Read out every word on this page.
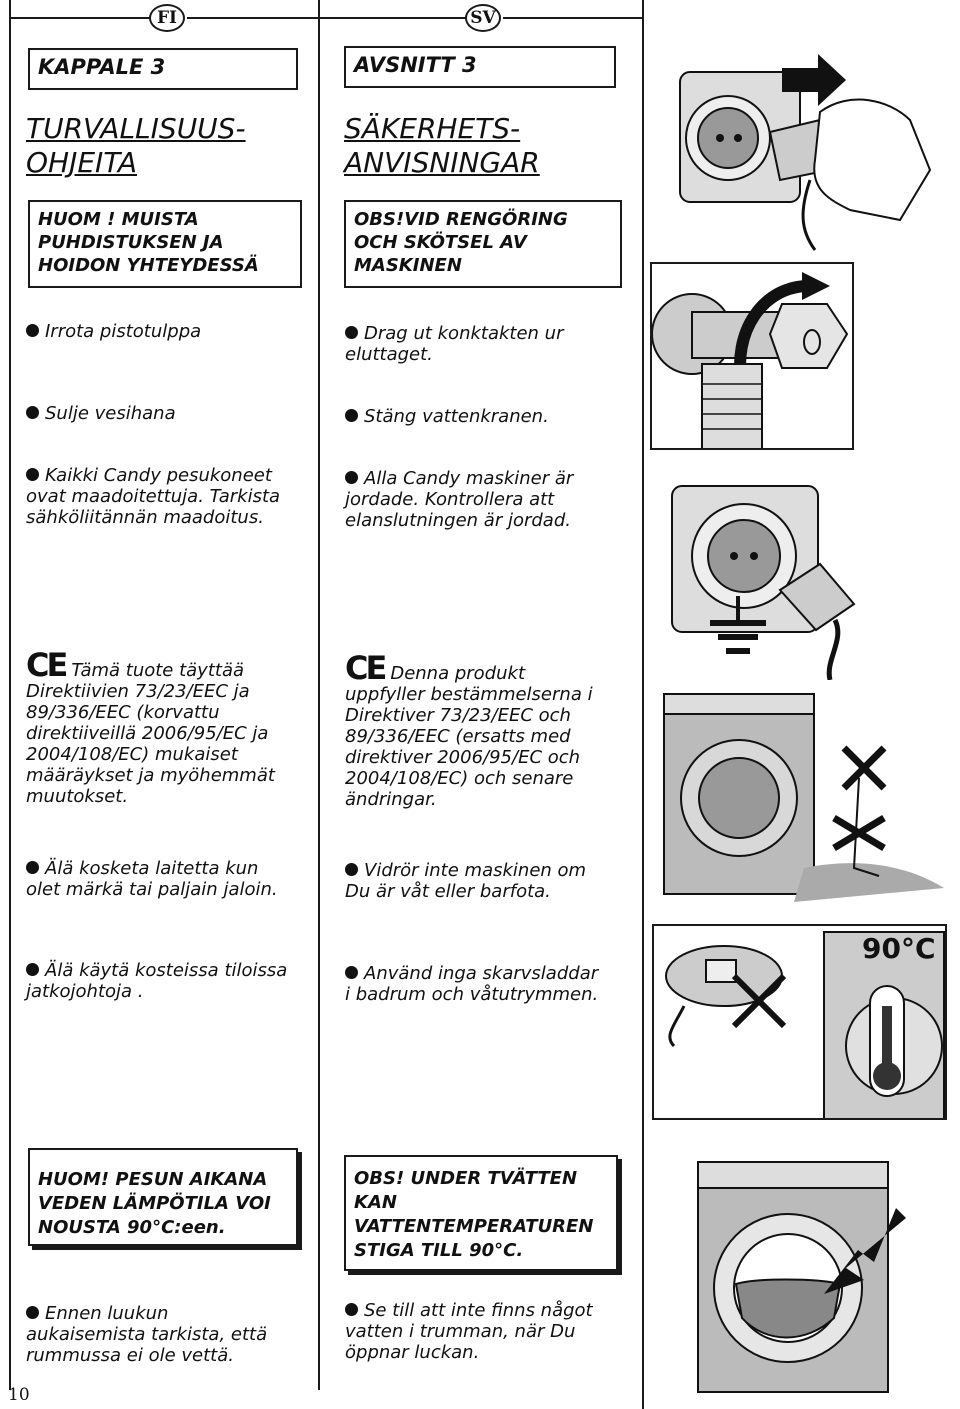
FI	SV
KAPPALE 3
TURVALLISUUS-
OHJEITA
HUOM ! MUISTA
PUHDISTUKSEN JA
HOIDON YHTEYDESSÄ
Irrota pistotulppa
Sulje vesihana
Kaikki Candy pesukoneet
ovat maadoitettuja. Tarkista
sähköliitännän maadoitus.
CE Tämä tuote täyttää
Direktiivien 73/23/EEC ja
89/336/EEC (korvattu
direktiiveillä 2006/95/EC ja
2004/108/EC) mukaiset
määräykset ja myöhemmät
muutokset.
Älä kosketa laitetta kun
olet märkä tai paljain jaloin.
Älä käytä kosteissa tiloissa
jatkojohtoja .
HUOM! PESUN AIKANA
VEDEN LÄMPÖTILA VOI
NOUSTA 90°C:een.
Ennen luukun
aukaisemista tarkista, että
rummussa ei ole vettä.
AVSNITT 3
SÄKERHETS-
ANVISNINGAR
OBS!VID RENGÖRING
OCH SKÖTSEL AV
MASKINEN
Drag ut konktakten ur
eluttaget.
Stäng vattenkranen.
Alla Candy maskiner är
jordade. Kontrollera att
elanslutningen är jordad.
CE Denna produkt
uppfyller bestämmelserna i
Direktiver 73/23/EEC och
89/336/EEC (ersatts med
direktiver 2006/95/EC och
2004/108/EC) och senare
ändringar.
Vidrör inte maskinen om
Du är våt eller barfota.
Använd inga skarvsladdar
i badrum och våtutrymmen.
OBS! UNDER TVÄTTEN
KAN
VATTENTEMPERATUREN
STIGA TILL 90°C.
Se till att inte finns något
vatten i trumman, när Du
öppnar luckan.
90°C
10
